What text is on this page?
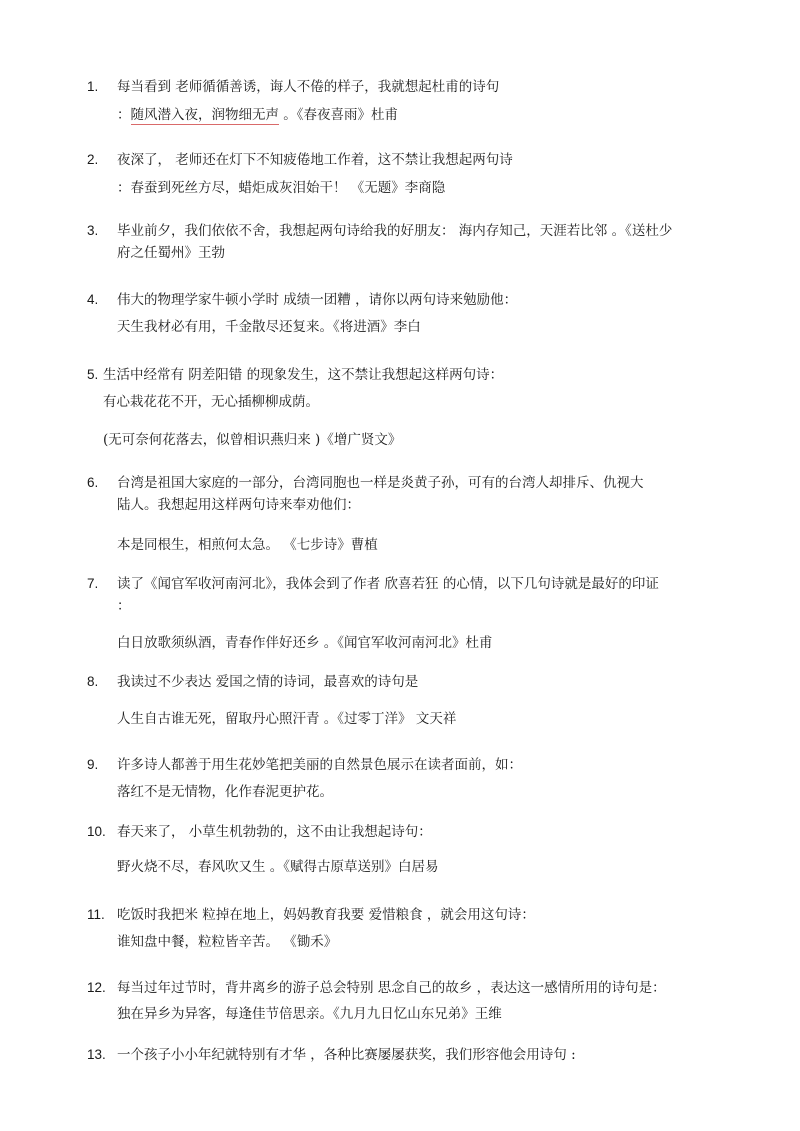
1. 每当看到 老师循循善诱，诲人不倦的样子，我就想起杜甫的诗句
：随风潜入夜，润物细无声 。《春夜喜雨》杜甫
2. 夜深了， 老师还在灯下不知疲倦地工作着，这不禁让我想起两句诗
：春蚕到死丝方尽，蜡炬成灰泪始干！ 《无题》李商隐
3. 毕业前夕，我们依依不舍，我想起两句诗给我的好朋友： 海内存知己，天涯若比邻 。《送杜少
府之任蜀州》王勃
4. 伟大的物理学家牛顿小学时 成绩一团糟 ，请你以两句诗来勉励他：
天生我材必有用，千金散尽还复来。《将进酒》李白
5. 生活中经常有 阴差阳错 的现象发生，这不禁让我想起这样两句诗：
有心栽花花不开，无心插柳柳成荫。
(无可奈何花落去，似曾相识燕归来 )《增广贤文》
6. 台湾是祖国大家庭的一部分，台湾同胞也一样是炎黄子孙，可有的台湾人却排斥、仇视大
陆人。我想起用这样两句诗来奉劝他们：
本是同根生，相煎何太急。 《七步诗》曹植
7. 读了《闻官军收河南河北》，我体会到了作者 欣喜若狂 的心情，以下几句诗就是最好的印证
：
白日放歌须纵酒，青春作伴好还乡 。《闻官军收河南河北》杜甫
8. 我读过不少表达 爱国之情的诗词，最喜欢的诗句是
人生自古谁无死，留取丹心照汗青 。《过零丁洋》 文天祥
9. 许多诗人都善于用生花妙笔把美丽的自然景色展示在读者面前，如：
落红不是无情物，化作春泥更护花。
10. 春天来了， 小草生机勃勃的，这不由让我想起诗句：
野火烧不尽，春风吹又生 。《赋得古原草送别》白居易
11. 吃饭时我把米 粒掉在地上，妈妈教育我要 爱惜粮食 ，就会用这句诗：
谁知盘中餐，粒粒皆辛苦。 《锄禾》
12. 每当过年过节时，背井离乡的游子总会特别 思念自己的故乡 ，表达这一感情所用的诗句是：
独在异乡为异客，每逢佳节倍思亲。《九月九日忆山东兄弟》王维
13. 一个孩子小小年纪就特别有才华 ，各种比赛屡屡获奖，我们形容他会用诗句 :
